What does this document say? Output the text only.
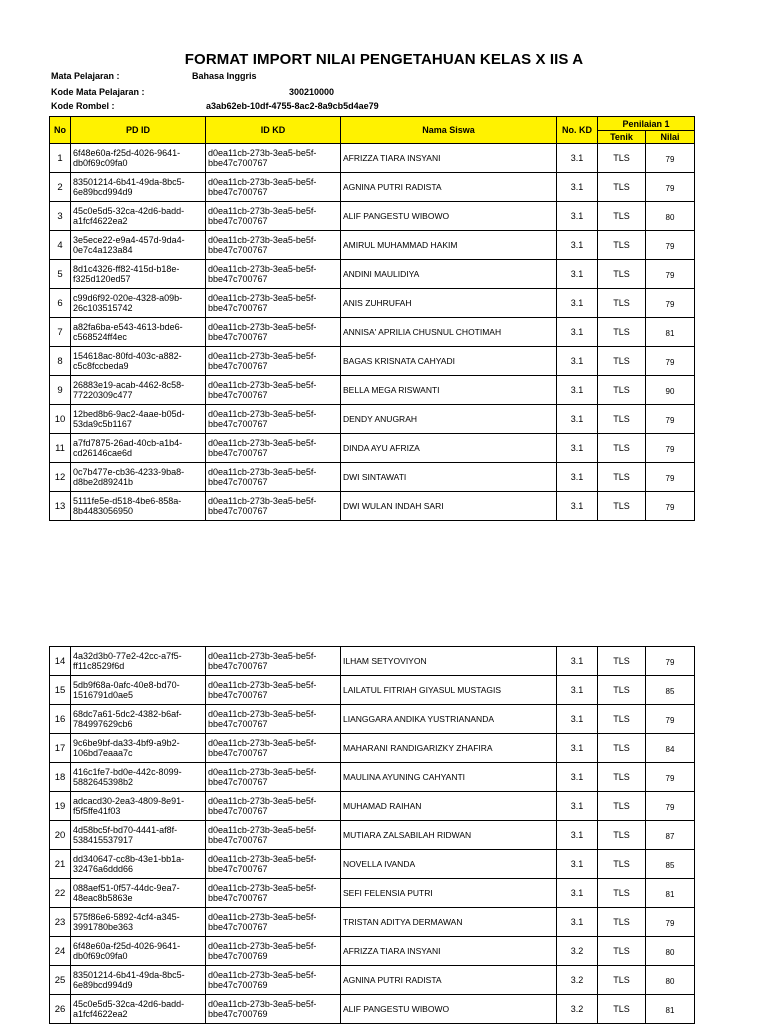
FORMAT IMPORT NILAI PENGETAHUAN KELAS X IIS A
Mata Pelajaran :	Bahasa Inggris
Kode Mata Pelajaran :	300210000
Kode Rombel :	a3ab62eb-10df-4755-8ac2-8a9cb5d4ae79
No	PD ID	ID KD	Nama Siswa	No. KD	Penilaian 1	
					Tenik	Nilai
1	6f48e60a-f25d-4026-9641-
db0f69c09fa0	d0ea11cb-273b-3ea5-be5f-
bbe47c700767	AFRIZZA TIARA INSYANI	3.1	TLS	79
2	83501214-6b41-49da-8bc5-
6e89bcd994d9	d0ea11cb-273b-3ea5-be5f-
bbe47c700767	AGNINA PUTRI RADISTA	3.1	TLS	79
3	45c0e5d5-32ca-42d6-badd-
a1fcf4622ea2	d0ea11cb-273b-3ea5-be5f-
bbe47c700767	ALIF PANGESTU WIBOWO	3.1	TLS	80
4	3e5ece22-e9a4-457d-9da4-
0e7c4a123a84	d0ea11cb-273b-3ea5-be5f-
bbe47c700767	AMIRUL MUHAMMAD HAKIM	3.1	TLS	79
5	8d1c4326-ff82-415d-b18e-
f325d120ed57	d0ea11cb-273b-3ea5-be5f-
bbe47c700767	ANDINI MAULIDIYA	3.1	TLS	79
6	c99d6f92-020e-4328-a09b-
26c103515742	d0ea11cb-273b-3ea5-be5f-
bbe47c700767	ANIS ZUHRUFAH	3.1	TLS	79
7	a82fa6ba-e543-4613-bde6-
c568524ff4ec	d0ea11cb-273b-3ea5-be5f-
bbe47c700767	ANNISA' APRILIA CHUSNUL CHOTIMAH	3.1	TLS	81
8	154618ac-80fd-403c-a882-
c5c8fccbeda9	d0ea11cb-273b-3ea5-be5f-
bbe47c700767	BAGAS KRISNATA CAHYADI	3.1	TLS	79
9	26883e19-acab-4462-8c58-
77220309c477	d0ea11cb-273b-3ea5-be5f-
bbe47c700767	BELLA MEGA RISWANTI	3.1	TLS	90
10	12bed8b6-9ac2-4aae-b05d-
53da9c5b1167	d0ea11cb-273b-3ea5-be5f-
bbe47c700767	DENDY ANUGRAH	3.1	TLS	79
11	a7fd7875-26ad-40cb-a1b4-
cd26146cae6d	d0ea11cb-273b-3ea5-be5f-
bbe47c700767	DINDA AYU AFRIZA	3.1	TLS	79
12	0c7b477e-cb36-4233-9ba8-
d8be2d89241b	d0ea11cb-273b-3ea5-be5f-
bbe47c700767	DWI SINTAWATI	3.1	TLS	79
13	5111fe5e-d518-4be6-858a-
8b4483056950	d0ea11cb-273b-3ea5-be5f-
bbe47c700767	DWI WULAN INDAH SARI	3.1	TLS	79
14	4a32d3b0-77e2-42cc-a7f5-
ff11c8529f6d	d0ea11cb-273b-3ea5-be5f-
bbe47c700767	ILHAM SETYOVIYON	3.1	TLS	79
15	5db9f68a-0afc-40e8-bd70-
1516791d0ae5	d0ea11cb-273b-3ea5-be5f-
bbe47c700767	LAILATUL FITRIAH GIYASUL MUSTAGIS	3.1	TLS	85
16	68dc7a61-5dc2-4382-b6af-
784997629cb6	d0ea11cb-273b-3ea5-be5f-
bbe47c700767	LIANGGARA ANDIKA YUSTRIANANDA	3.1	TLS	79
17	9c6be9bf-da33-4bf9-a9b2-
106bd7eaaa7c	d0ea11cb-273b-3ea5-be5f-
bbe47c700767	MAHARANI RANDIGARIZKY ZHAFIRA	3.1	TLS	84
18	416c1fe7-bd0e-442c-8099-
5882645398b2	d0ea11cb-273b-3ea5-be5f-
bbe47c700767	MAULINA AYUNING CAHYANTI	3.1	TLS	79
19	adcacd30-2ea3-4809-8e91-
f5f5ffe41f03	d0ea11cb-273b-3ea5-be5f-
bbe47c700767	MUHAMAD RAIHAN	3.1	TLS	79
20	4d58bc5f-bd70-4441-af8f-
538415537917	d0ea11cb-273b-3ea5-be5f-
bbe47c700767	MUTIARA ZALSABILAH RIDWAN	3.1	TLS	87
21	dd340647-cc8b-43e1-bb1a-
32476a6ddd66	d0ea11cb-273b-3ea5-be5f-
bbe47c700767	NOVELLA IVANDA	3.1	TLS	85
22	088aef51-0f57-44dc-9ea7-
48eac8b5863e	d0ea11cb-273b-3ea5-be5f-
bbe47c700767	SEFI FELENSIA PUTRI	3.1	TLS	81
23	575f86e6-5892-4cf4-a345-
3991780be363	d0ea11cb-273b-3ea5-be5f-
bbe47c700767	TRISTAN ADITYA DERMAWAN	3.1	TLS	79
24	6f48e60a-f25d-4026-9641-
db0f69c09fa0	d0ea11cb-273b-3ea5-be5f-
bbe47c700769	AFRIZZA TIARA INSYANI	3.2	TLS	80
25	83501214-6b41-49da-8bc5-
6e89bcd994d9	d0ea11cb-273b-3ea5-be5f-
bbe47c700769	AGNINA PUTRI RADISTA	3.2	TLS	80
26	45c0e5d5-32ca-42d6-badd-
a1fcf4622ea2	d0ea11cb-273b-3ea5-be5f-
bbe47c700769	ALIF PANGESTU WIBOWO	3.2	TLS	81
